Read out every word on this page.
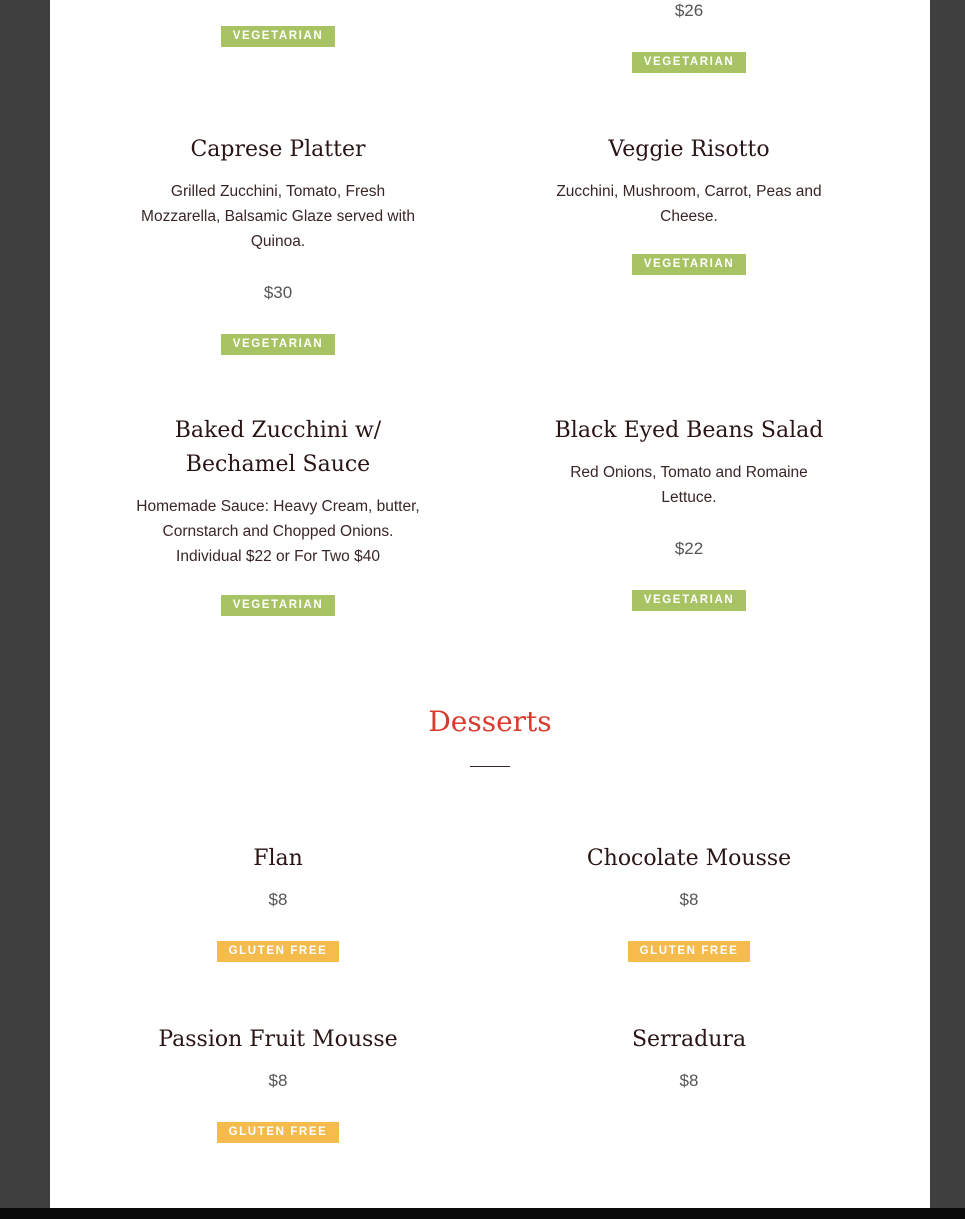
VEGETARIAN
$26
VEGETARIAN
Caprese Platter
Grilled Zucchini, Tomato, Fresh Mozzarella, Balsamic Glaze served with Quinoa.
$30
VEGETARIAN
Veggie Risotto
Zucchini, Mushroom, Carrot, Peas and Cheese.
VEGETARIAN
Baked Zucchini w/ Bechamel Sauce
Homemade Sauce: Heavy Cream, butter, Cornstarch and Chopped Onions. Individual $22 or For Two $40
VEGETARIAN
Black Eyed Beans Salad
Red Onions, Tomato and Romaine Lettuce.
$22
VEGETARIAN
Desserts
Flan
$8
GLUTEN FREE
Chocolate Mousse
$8
GLUTEN FREE
Passion Fruit Mousse
$8
GLUTEN FREE
Serradura
$8
